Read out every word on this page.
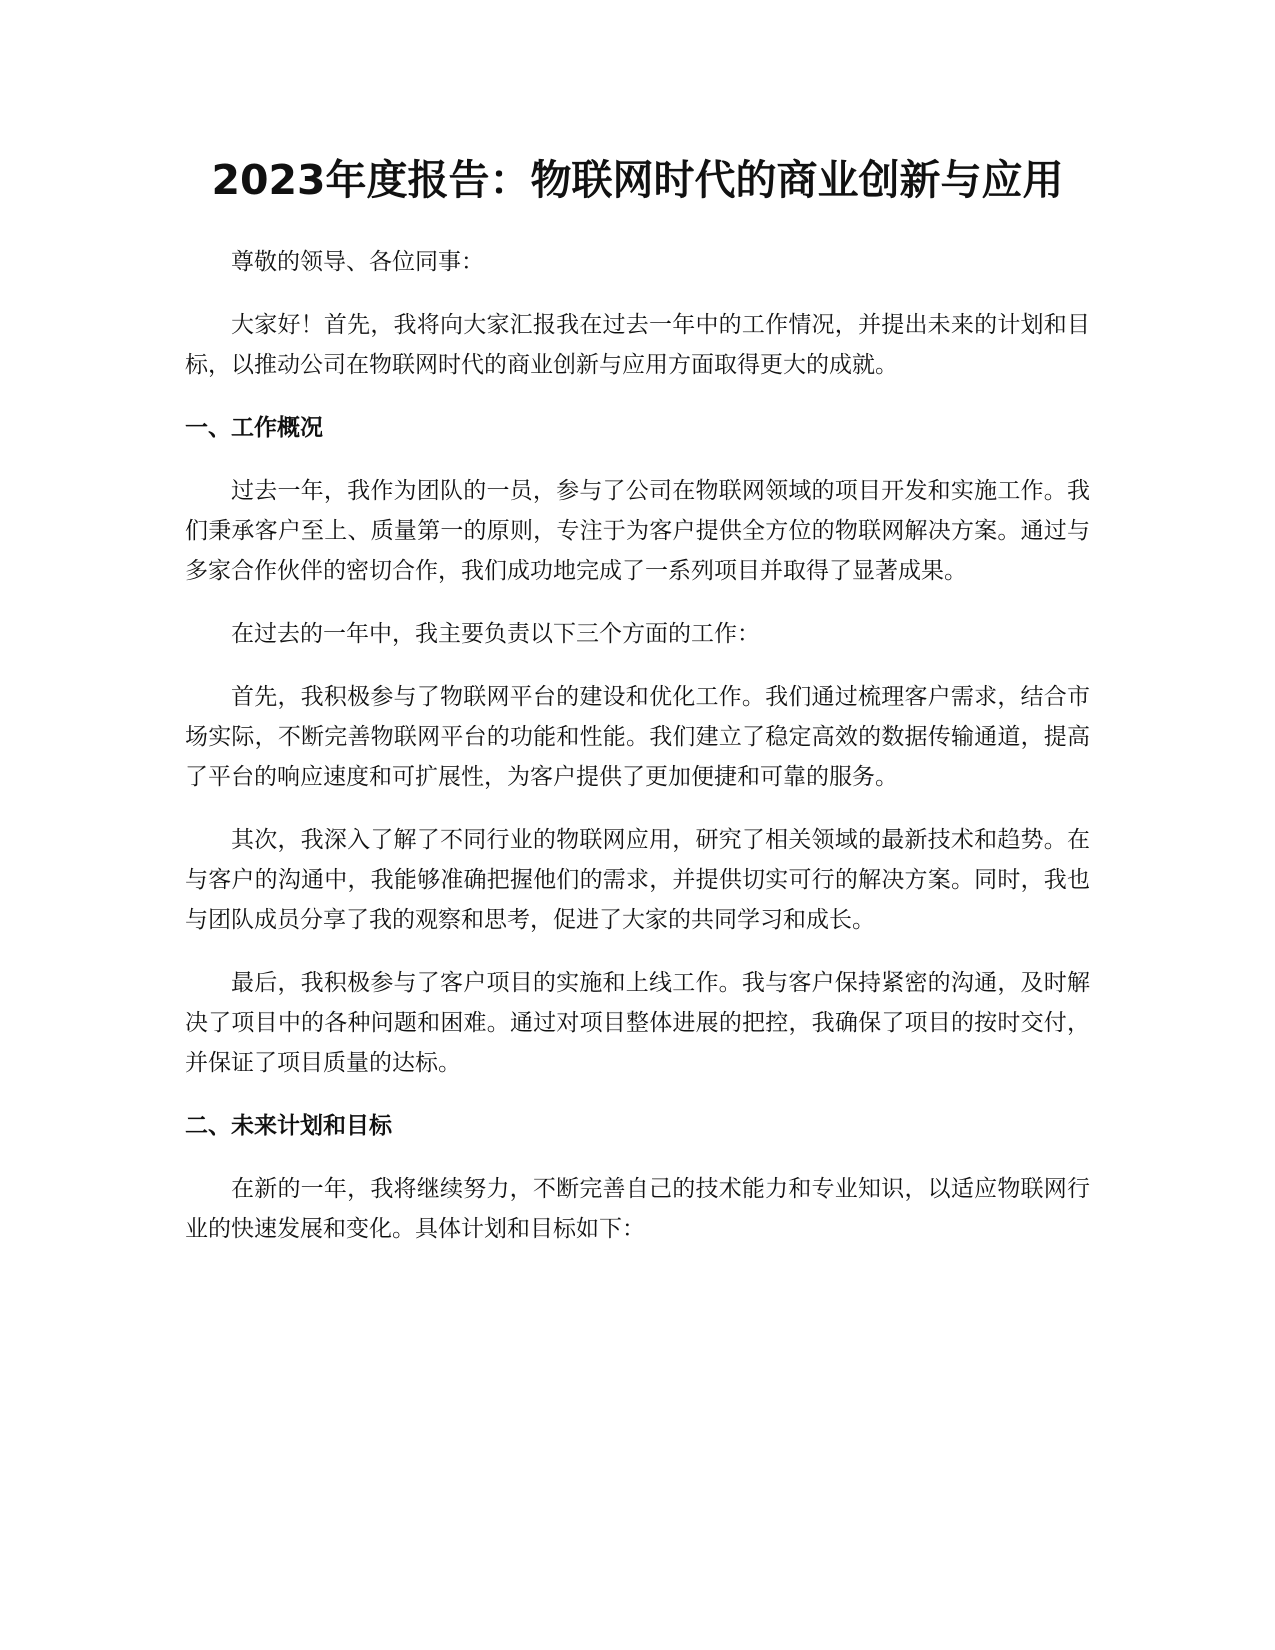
2023年度报告：物联网时代的商业创新与应用

尊敬的领导、各位同事：

大家好！首先，我将向大家汇报我在过去一年中的工作情况，并提出未来的计划和目标，以推动公司在物联网时代的商业创新与应用方面取得更大的成就。

一、工作概况

过去一年，我作为团队的一员，参与了公司在物联网领域的项目开发和实施工作。我们秉承客户至上、质量第一的原则，专注于为客户提供全方位的物联网解决方案。通过与多家合作伙伴的密切合作，我们成功地完成了一系列项目并取得了显著成果。

在过去的一年中，我主要负责以下三个方面的工作：

首先，我积极参与了物联网平台的建设和优化工作。我们通过梳理客户需求，结合市场实际，不断完善物联网平台的功能和性能。我们建立了稳定高效的数据传输通道，提高了平台的响应速度和可扩展性，为客户提供了更加便捷和可靠的服务。

其次，我深入了解了不同行业的物联网应用，研究了相关领域的最新技术和趋势。在与客户的沟通中，我能够准确把握他们的需求，并提供切实可行的解决方案。同时，我也与团队成员分享了我的观察和思考，促进了大家的共同学习和成长。

最后，我积极参与了客户项目的实施和上线工作。我与客户保持紧密的沟通，及时解决了项目中的各种问题和困难。通过对项目整体进展的把控，我确保了项目的按时交付，并保证了项目质量的达标。

二、未来计划和目标

在新的一年，我将继续努力，不断完善自己的技术能力和专业知识，以适应物联网行业的快速发展和变化。具体计划和目标如下：
